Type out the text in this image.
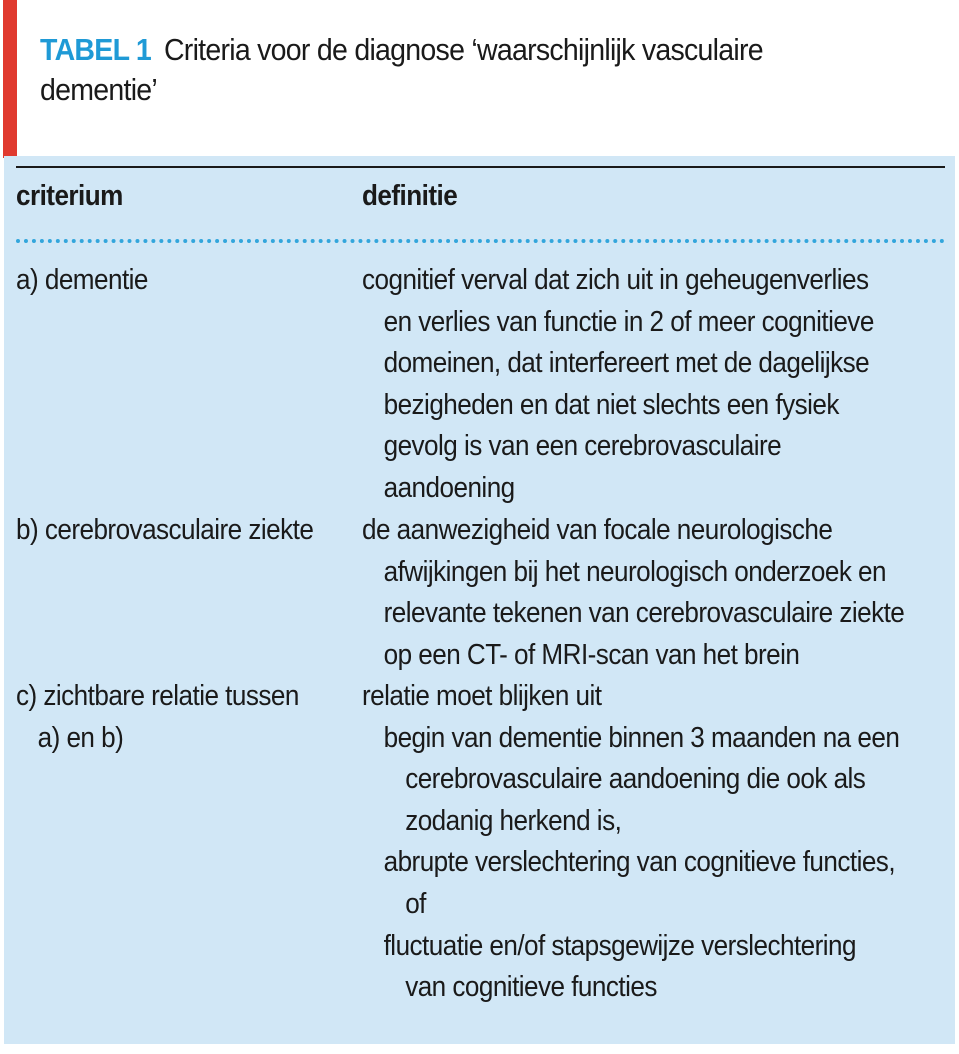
TABEL 1 Criteria voor de diagnose ‘waarschijnlijk vasculaire
dementie’
criterium	definitie
a) dementie	cognitief verval dat zich uit in geheugenverlies
en verlies van functie in 2 of meer cognitieve
domeinen, dat interfereert met de dagelijkse
bezigheden en dat niet slechts een fysiek
gevolg is van een cerebrovasculaire
aandoening
b) cerebrovasculaire ziekte de aanwezigheid van focale neurologische
afwijkingen bij het neurologisch onderzoek en
relevante tekenen van cerebrovasculaire ziekte
op een CT- of MRI-scan van het brein
c) zichtbare relatie tussen
a) en b)
relatie moet blijken uit
begin van dementie binnen 3 maanden na een
cerebrovasculaire aandoening die ook als
zodanig herkend is,
abrupte verslechtering van cognitieve functies,
of
fluctuatie en/of stapsgewijze verslechtering
van cognitieve functies
